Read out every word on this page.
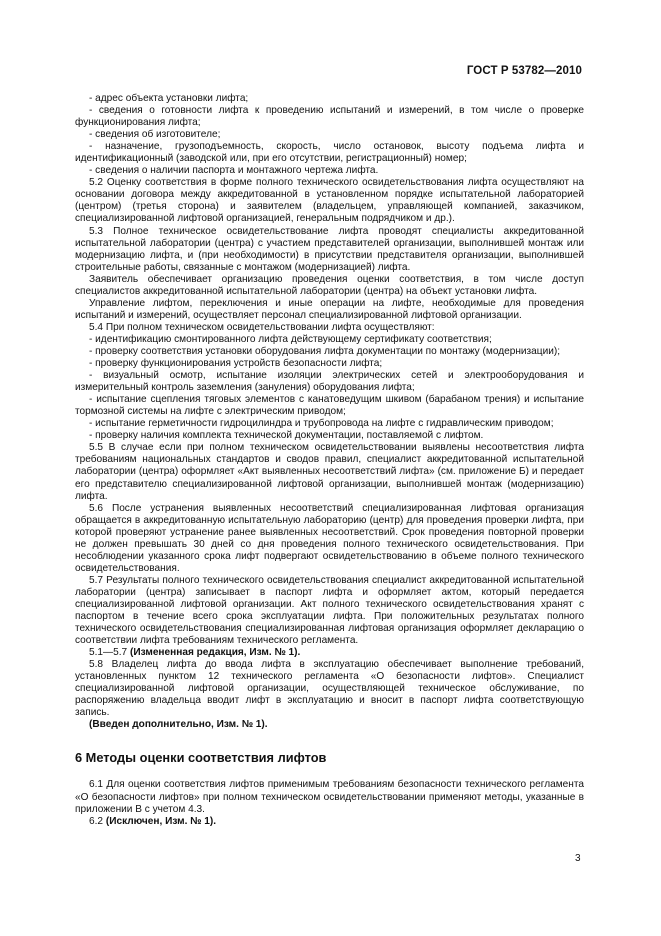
ГОСТ Р 53782—2010

- адрес объекта установки лифта;

- сведения о готовности лифта к проведению испытаний и измерений, в том числе о проверке функционирования лифта;

- сведения об изготовителе;

- назначение, грузоподъемность, скорость, число остановок, высоту подъема лифта и идентификационный (заводской или, при его отсутствии, регистрационный) номер;

- сведения о наличии паспорта и монтажного чертежа лифта.

5.2 Оценку соответствия в форме полного технического освидетельствования лифта осуществляют на основании договора между аккредитованной в установленном порядке испытательной лабораторией (центром) (третья сторона) и заявителем (владельцем, управляющей компанией, заказчиком, специализированной лифтовой организацией, генеральным подрядчиком и др.).

5.3 Полное техническое освидетельствование лифта проводят специалисты аккредитованной испытательной лаборатории (центра) с участием представителей организации, выполнившей монтаж или модернизацию лифта, и (при необходимости) в присутствии представителя организации, выполнившей строительные работы, связанные с монтажом (модернизацией) лифта.

Заявитель обеспечивает организацию проведения оценки соответствия, в том числе доступ специалистов аккредитованной испытательной лаборатории (центра) на объект установки лифта.

Управление лифтом, переключения и иные операции на лифте, необходимые для проведения испытаний и измерений, осуществляет персонал специализированной лифтовой организации.

5.4 При полном техническом освидетельствовании лифта осуществляют:

- идентификацию смонтированного лифта действующему сертификату соответствия;

- проверку соответствия установки оборудования лифта документации по монтажу (модернизации);

- проверку функционирования устройств безопасности лифта;

- визуальный осмотр, испытание изоляции электрических сетей и электрооборудования и измерительный контроль заземления (зануления) оборудования лифта;

- испытание сцепления тяговых элементов с канатоведущим шкивом (барабаном трения) и испытание тормозной системы на лифте с электрическим приводом;

- испытание герметичности гидроцилиндра и трубопровода на лифте с гидравлическим приводом;

- проверку наличия комплекта технической документации, поставляемой с лифтом.

5.5 В случае если при полном техническом освидетельствовании выявлены несоответствия лифта требованиям национальных стандартов и сводов правил, специалист аккредитованной испытательной лаборатории (центра) оформляет «Акт выявленных несоответствий лифта» (см. приложение Б) и передает его представителю специализированной лифтовой организации, выполнившей монтаж (модернизацию) лифта.

5.6 После устранения выявленных несоответствий специализированная лифтовая организация обращается в аккредитованную испытательную лабораторию (центр) для проведения проверки лифта, при которой проверяют устранение ранее выявленных несоответствий. Срок проведения повторной проверки не должен превышать 30 дней со дня проведения полного технического освидетельствования. При несоблюдении указанного срока лифт подвергают освидетельствованию в объеме полного технического освидетельствования.

5.7 Результаты полного технического освидетельствования специалист аккредитованной испытательной лаборатории (центра) записывает в паспорт лифта и оформляет актом, который передается специализированной лифтовой организации. Акт полного технического освидетельствования хранят с паспортом в течение всего срока эксплуатации лифта. При положительных результатах полного технического освидетельствования специализированная лифтовая организация оформляет декларацию о соответствии лифта требованиям технического регламента.

5.1—5.7 (Измененная редакция, Изм. № 1).

5.8 Владелец лифта до ввода лифта в эксплуатацию обеспечивает выполнение требований, установленных пунктом 12 технического регламента «О безопасности лифтов». Специалист специализированной лифтовой организации, осуществляющей техническое обслуживание, по распоряжению владельца вводит лифт в эксплуатацию и вносит в паспорт лифта соответствующую запись.

(Введен дополнительно, Изм. № 1).

6 Методы оценки соответствия лифтов

6.1 Для оценки соответствия лифтов применимым требованиям безопасности технического регламента «О безопасности лифтов» при полном техническом освидетельствовании применяют методы, указанные в приложении В с учетом 4.3.

6.2 (Исключен, Изм. № 1).

3
